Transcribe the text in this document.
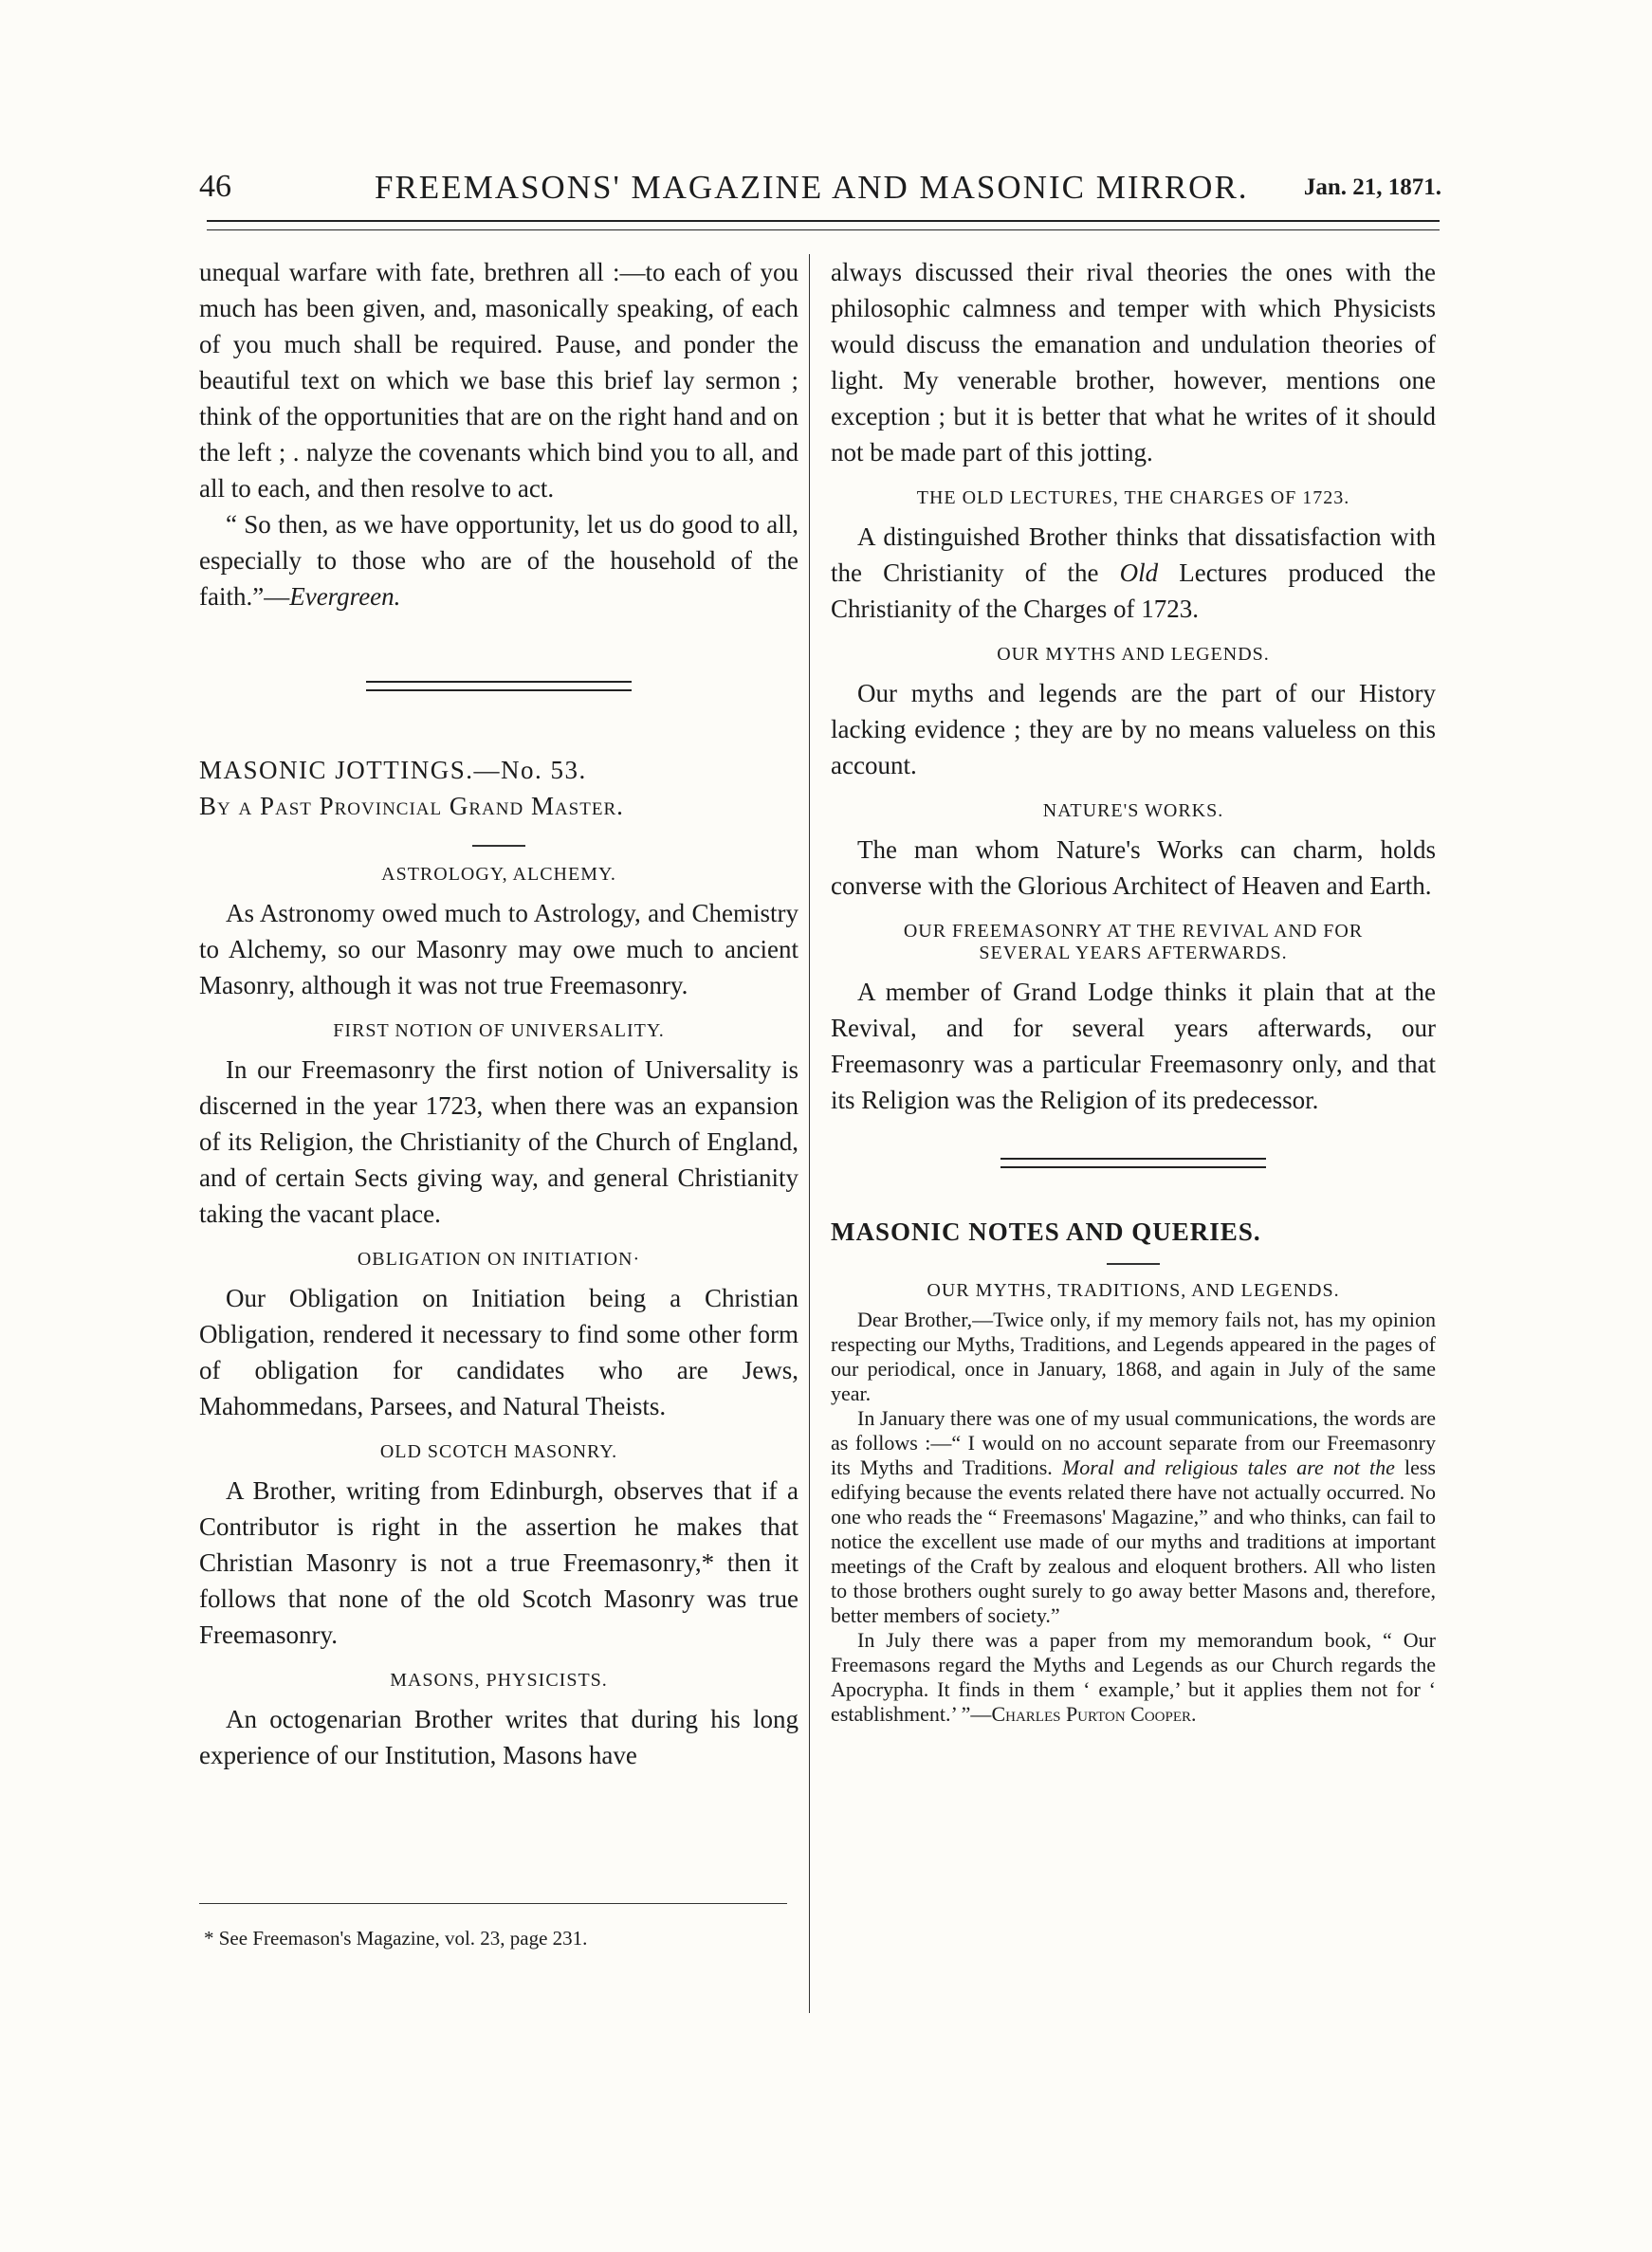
46	FREEMASONS' MAGAZINE AND MASONIC MIRROR. Jan. 21, 1871.

unequal warfare with fate, brethren all :—to each of you much has been given, and, masonically speaking, of each of you much shall be required. Pause, and ponder the beautiful text on which we base this brief lay sermon ; think of the opportunities that are on the right hand and on the left ; . nalyze the covenants which bind you to all, and all to each, and then resolve to act.

“ So then, as we have opportunity, let us do good to all, especially to those who are of the household of the faith.”—Evergreen.

MASONIC JOTTINGS.—No. 53.

By a Past Provincial Grand Master.

ASTROLOGY, ALCHEMY.

As Astronomy owed much to Astrology, and Chemistry to Alchemy, so our Masonry may owe much to ancient Masonry, although it was not true Freemasonry.

FIRST NOTION OF UNIVERSALITY.

In our Freemasonry the first notion of Universality is discerned in the year 1723, when there was an expansion of its Religion, the Christianity of the Church of England, and of certain Sects giving way, and general Christianity taking the vacant place.

OBLIGATION ON INITIATION·

Our Obligation on Initiation being a Christian Obligation, rendered it necessary to find some other form of obligation for candidates who are Jews, Mahommedans, Parsees, and Natural Theists.

OLD SCOTCH MASONRY.

A Brother, writing from Edinburgh, observes that if a Contributor is right in the assertion he makes that Christian Masonry is not a true Freemasonry,* then it follows that none of the old Scotch Masonry was true Freemasonry.

MASONS, PHYSICISTS.

An octogenarian Brother writes that during his long experience of our Institution, Masons have

* See Freemason's Magazine, vol. 23, page 231.

always discussed their rival theories the ones with the philosophic calmness and temper with which Physicists would discuss the emanation and undulation theories of light. My venerable brother, however, mentions one exception ; but it is better that what he writes of it should not be made part of this jotting.

THE OLD LECTURES, THE CHARGES OF 1723.

A distinguished Brother thinks that dissatisfaction with the Christianity of the Old Lectures produced the Christianity of the Charges of 1723.

OUR MYTHS AND LEGENDS.

Our myths and legends are the part of our History lacking evidence ; they are by no means valueless on this account.

NATURE'S WORKS.

The man whom Nature's Works can charm, holds converse with the Glorious Architect of Heaven and Earth.

OUR FREEMASONRY AT THE REVIVAL AND FOR SEVERAL YEARS AFTERWARDS.

A member of Grand Lodge thinks it plain that at the Revival, and for several years afterwards, our Freemasonry was a particular Freemasonry only, and that its Religion was the Religion of its predecessor.

MASONIC NOTES AND QUERIES.

OUR MYTHS, TRADITIONS, AND LEGENDS.

Dear Brother,—Twice only, if my memory fails not, has my opinion respecting our Myths, Traditions, and Legends appeared in the pages of our periodical, once in January, 1868, and again in July of the same year.

In January there was one of my usual communications, the words are as follows :—“ I would on no account separate from our Freemasonry its Myths and Traditions. Moral and religious tales are not the less edifying because the events related there have not actually occurred. No one who reads the “ Freemasons' Magazine,” and who thinks, can fail to notice the excellent use made of our myths and traditions at important meetings of the Craft by zealous and eloquent brothers. All who listen to those brothers ought surely to go away better Masons and, therefore, better members of society.”

In July there was a paper from my memorandum book, “ Our Freemasons regard the Myths and Legends as our Church regards the Apocrypha. It finds in them ‘ example,’ but it applies them not for ‘ establishment.’ ”—Charles Purton Cooper.
